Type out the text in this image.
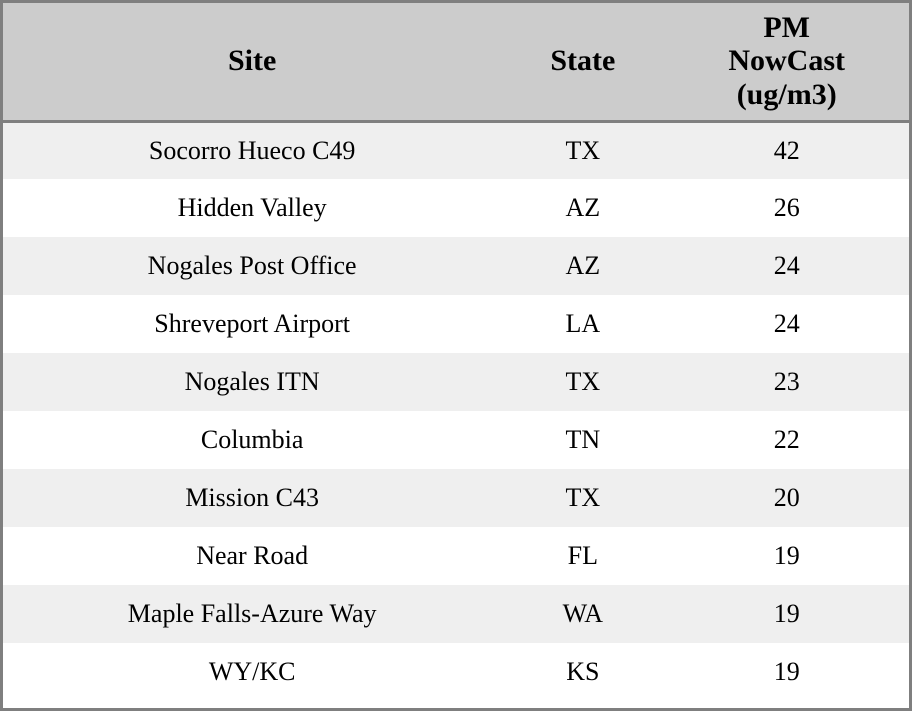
Site	State	PM
NowCast
(ug/m3)
Socorro Hueco C49	TX	42
Hidden Valley	AZ	26
Nogales Post Office	AZ	24
Shreveport Airport	LA	24
Nogales ITN	TX	23
Columbia	TN	22
Mission C43	TX	20
Near Road	FL	19
Maple Falls-Azure Way	WA	19
WY/KC	KS	19
